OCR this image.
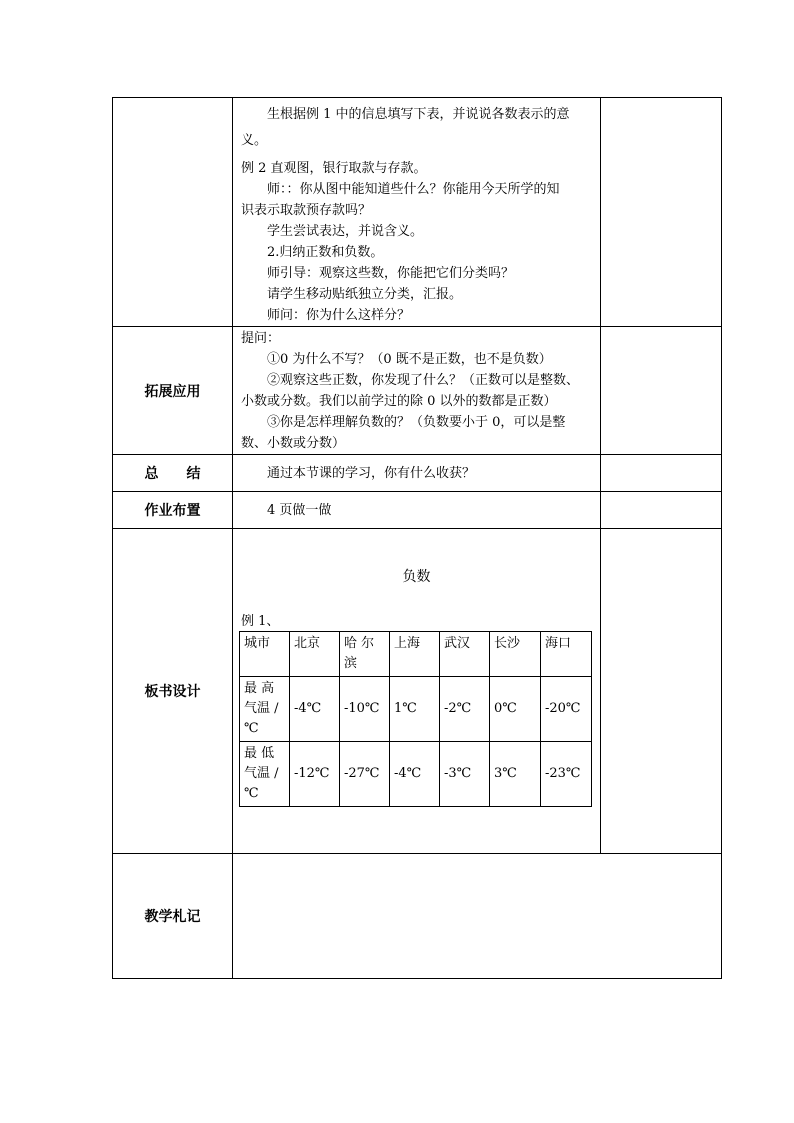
生根据例 1 中的信息填写下表，并说说各数表示的意

义。

例 2 直观图，银行取款与存款。

师：：你从图中能知道些什么？你能用今天所学的知

识表示取款预存款吗？

学生尝试表达，并说含义。

2.归纳正数和负数。

师引导：观察这些数，你能把它们分类吗？

请学生移动贴纸独立分类，汇报。

师问：你为什么这样分？

拓展应用	

提问：

①0 为什么不写？（0 既不是正数，也不是负数）

②观察这些正数，你发现了什么？（正数可以是整数、

小数或分数。我们以前学过的除 0 以外的数都是正数）

③你是怎样理解负数的？（负数要小于 0，可以是整

数、小数或分数）

总　　结	通过本节课的学习，你有什么收获？

作业布置	4 页做一做

板书设计	
负数
例 1、
城市	北京	哈 尔 滨	上海	武汉	长沙	海口
最 高 气温 / ℃	-4℃	-10℃	1℃	-2℃	0℃	-20℃
最 低 气温 / ℃	-12℃	-27℃	-4℃	-3℃	3℃	-23℃

教学札记	
